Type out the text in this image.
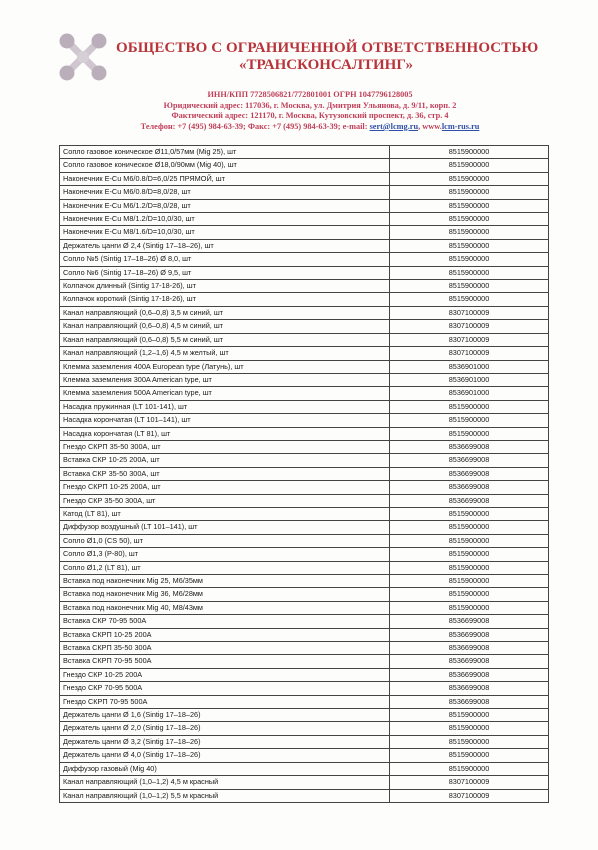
ОБЩЕСТВО С ОГРАНИЧЕННОЙ ОТВЕТСТВЕННОСТЬЮ
«ТРАНСКОНСАЛТИНГ»
ИНН/КПП 7728506821/772801001 ОГРН 1047796128005
Юридический адрес: 117036, г. Москва, ул. Дмитрия Ульянова, д. 9/11, корп. 2
Фактический адрес: 121170, г. Москва, Кутузовский проспект, д. 36, стр. 4
Телефон: +7 (495) 984-63-39; Факс: +7 (495) 984-63-39; e-mail: sert@lcmg.ru, www.lcm-rus.ru
Сопло газовое коническое Ø11,0/57мм (Mig 25), шт	8515900000
Сопло газовое коническое Ø18,0/90мм (Mig 40), шт	8515900000
Наконечник E-Cu M6/0.8/D=6,0/25 ПРЯМОЙ, шт	8515900000
Наконечник E-Cu M6/0.8/D=8,0/28, шт	8515900000
Наконечник E-Cu M6/1.2/D=8,0/28, шт	8515900000
Наконечник E-Cu M8/1.2/D=10,0/30, шт	8515900000
Наконечник E-Cu M8/1.6/D=10,0/30, шт	8515900000
Держатель цанги Ø 2,4 (Sintig 17–18–26), шт	8515900000
Сопло №5 (Sintig 17–18–26) Ø 8,0, шт	8515900000
Сопло №6 (Sintig 17–18–26) Ø 9,5, шт	8515900000
Колпачок длинный (Sintig 17-18-26), шт	8515900000
Колпачок короткий (Sintig 17-18-26), шт	8515900000
Канал направляющий (0,6–0,8) 3,5 м синий, шт	8307100009
Канал направляющий (0,6–0,8) 4,5 м синий, шт	8307100009
Канал направляющий (0,6–0,8) 5,5 м синий, шт	8307100009
Канал направляющий (1,2–1,6) 4,5 м желтый, шт	8307100009
Клемма заземления 400A European type (Латунь), шт	8536901000
Клемма заземления 300A American type, шт	8536901000
Клемма заземления 500A American type, шт	8536901000
Насадка пружинная (LT 101-141), шт	8515900000
Насадка корончатая (LT 101–141), шт	8515900000
Насадка корончатая (LT 81), шт	8515900000
Гнездо СКРП 35-50 300А, шт	8536699008
Вставка СКР 10-25 200А, шт	8536699008
Вставка СКР 35-50 300А, шт	8536699008
Гнездо СКРП 10-25 200А, шт	8536699008
Гнездо СКР 35-50 300А, шт	8536699008
Катод (LT 81), шт	8515900000
Диффузор воздушный (LT 101–141), шт	8515900000
Сопло Ø1,0 (CS 50), шт	8515900000
Сопло Ø1,3 (P-80), шт	8515900000
Сопло Ø1,2 (LT 81), шт	8515900000
Вставка под наконечник Mig 25, M6/35мм	8515900000
Вставка под наконечник Mig 36, M6/28мм	8515900000
Вставка под наконечник Mig 40, M8/43мм	8515900000
Вставка СКР 70-95 500А	8536699008
Вставка СКРП 10-25 200А	8536699008
Вставка СКРП 35-50 300А	8536699008
Вставка СКРП 70-95 500А	8536699008
Гнездо СКР 10-25 200А	8536699008
Гнездо СКР 70-95 500А	8536699008
Гнездо СКРП 70-95 500А	8536699008
Держатель цанги Ø 1,6 (Sintig 17–18–26)	8515900000
Держатель цанги Ø 2,0 (Sintig 17–18–26)	8515900000
Держатель цанги Ø 3,2 (Sintig 17–18–26)	8515900000
Держатель цанги Ø 4,0 (Sintig 17–18–26)	8515900000
Диффузор газовый (Mig 40)	8515900000
Канал направляющий (1,0–1,2) 4,5 м красный	8307100009
Канал направляющий (1,0–1,2) 5,5 м красный	8307100009
